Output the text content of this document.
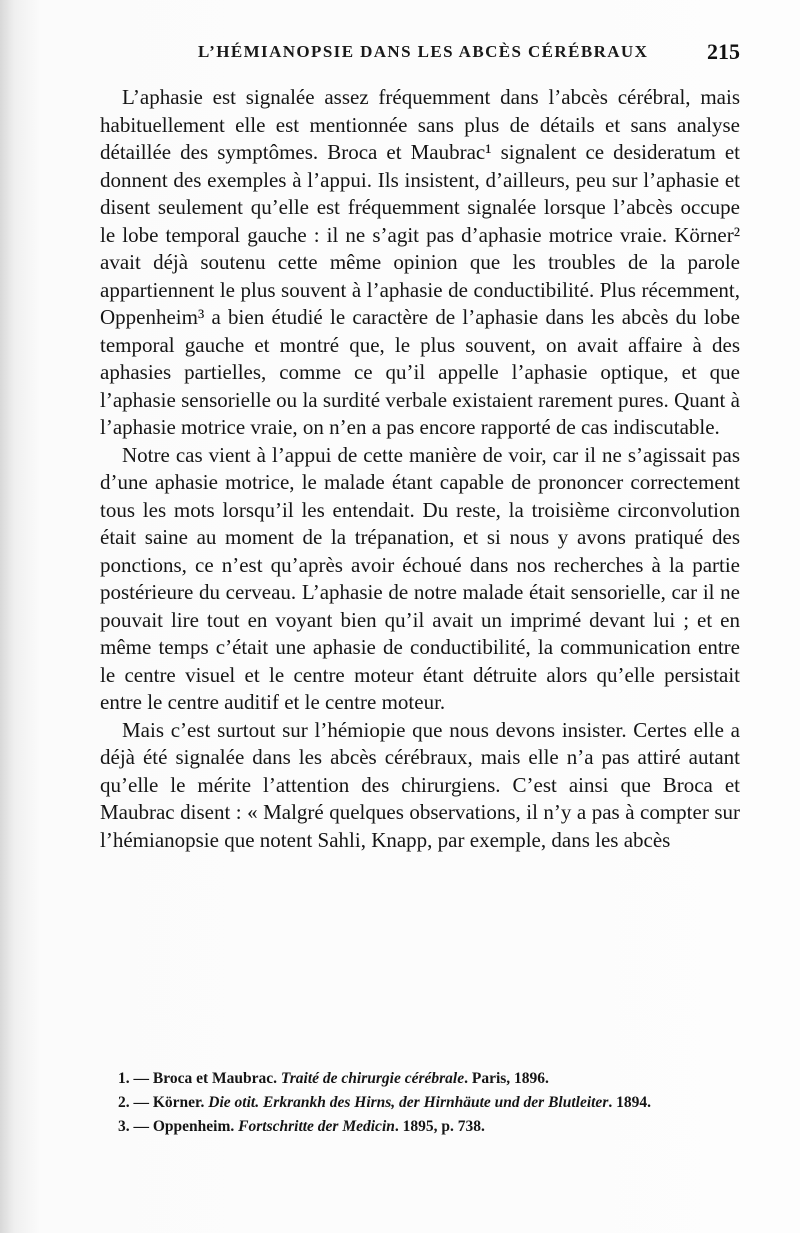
L’HÉMIANOPSIE DANS LES ABCÈS CÉRÉBRAUX	215

L’aphasie est signalée assez fréquemment dans l’abcès cérébral, mais habituellement elle est mentionnée sans plus de détails et sans analyse détaillée des symptômes. Broca et Maubrac¹ signalent ce desideratum et donnent des exemples à l’appui. Ils insistent, d’ailleurs, peu sur l’aphasie et disent seulement qu’elle est fréquemment signalée lorsque l’abcès occupe le lobe temporal gauche : il ne s’agit pas d’aphasie motrice vraie. Körner² avait déjà soutenu cette même opinion que les troubles de la parole appartiennent le plus souvent à l’aphasie de conductibilité. Plus récemment, Oppenheim³ a bien étudié le caractère de l’aphasie dans les abcès du lobe temporal gauche et montré que, le plus souvent, on avait affaire à des aphasies partielles, comme ce qu’il appelle l’aphasie optique, et que l’aphasie sensorielle ou la surdité verbale existaient rarement pures. Quant à l’aphasie motrice vraie, on n’en a pas encore rapporté de cas indiscutable.

Notre cas vient à l’appui de cette manière de voir, car il ne s’agissait pas d’une aphasie motrice, le malade étant capable de prononcer correctement tous les mots lorsqu’il les entendait. Du reste, la troisième circonvolution était saine au moment de la trépanation, et si nous y avons pratiqué des ponctions, ce n’est qu’après avoir échoué dans nos recherches à la partie postérieure du cerveau. L’aphasie de notre malade était sensorielle, car il ne pouvait lire tout en voyant bien qu’il avait un imprimé devant lui ; et en même temps c’était une aphasie de conductibilité, la communication entre le centre visuel et le centre moteur étant détruite alors qu’elle persistait entre le centre auditif et le centre moteur.

Mais c’est surtout sur l’hémiopie que nous devons insister. Certes elle a déjà été signalée dans les abcès cérébraux, mais elle n’a pas attiré autant qu’elle le mérite l’attention des chirurgiens. C’est ainsi que Broca et Maubrac disent : « Malgré quelques observations, il n’y a pas à compter sur l’hémianopsie que notent Sahli, Knapp, par exemple, dans les abcès

1. — Broca et Maubrac. Traité de chirurgie cérébrale. Paris, 1896.

2. — Körner. Die otit. Erkrankh des Hirns, der Hirnhäute und der Blutleiter. 1894.

3. — Oppenheim. Fortschritte der Medicin. 1895, p. 738.
